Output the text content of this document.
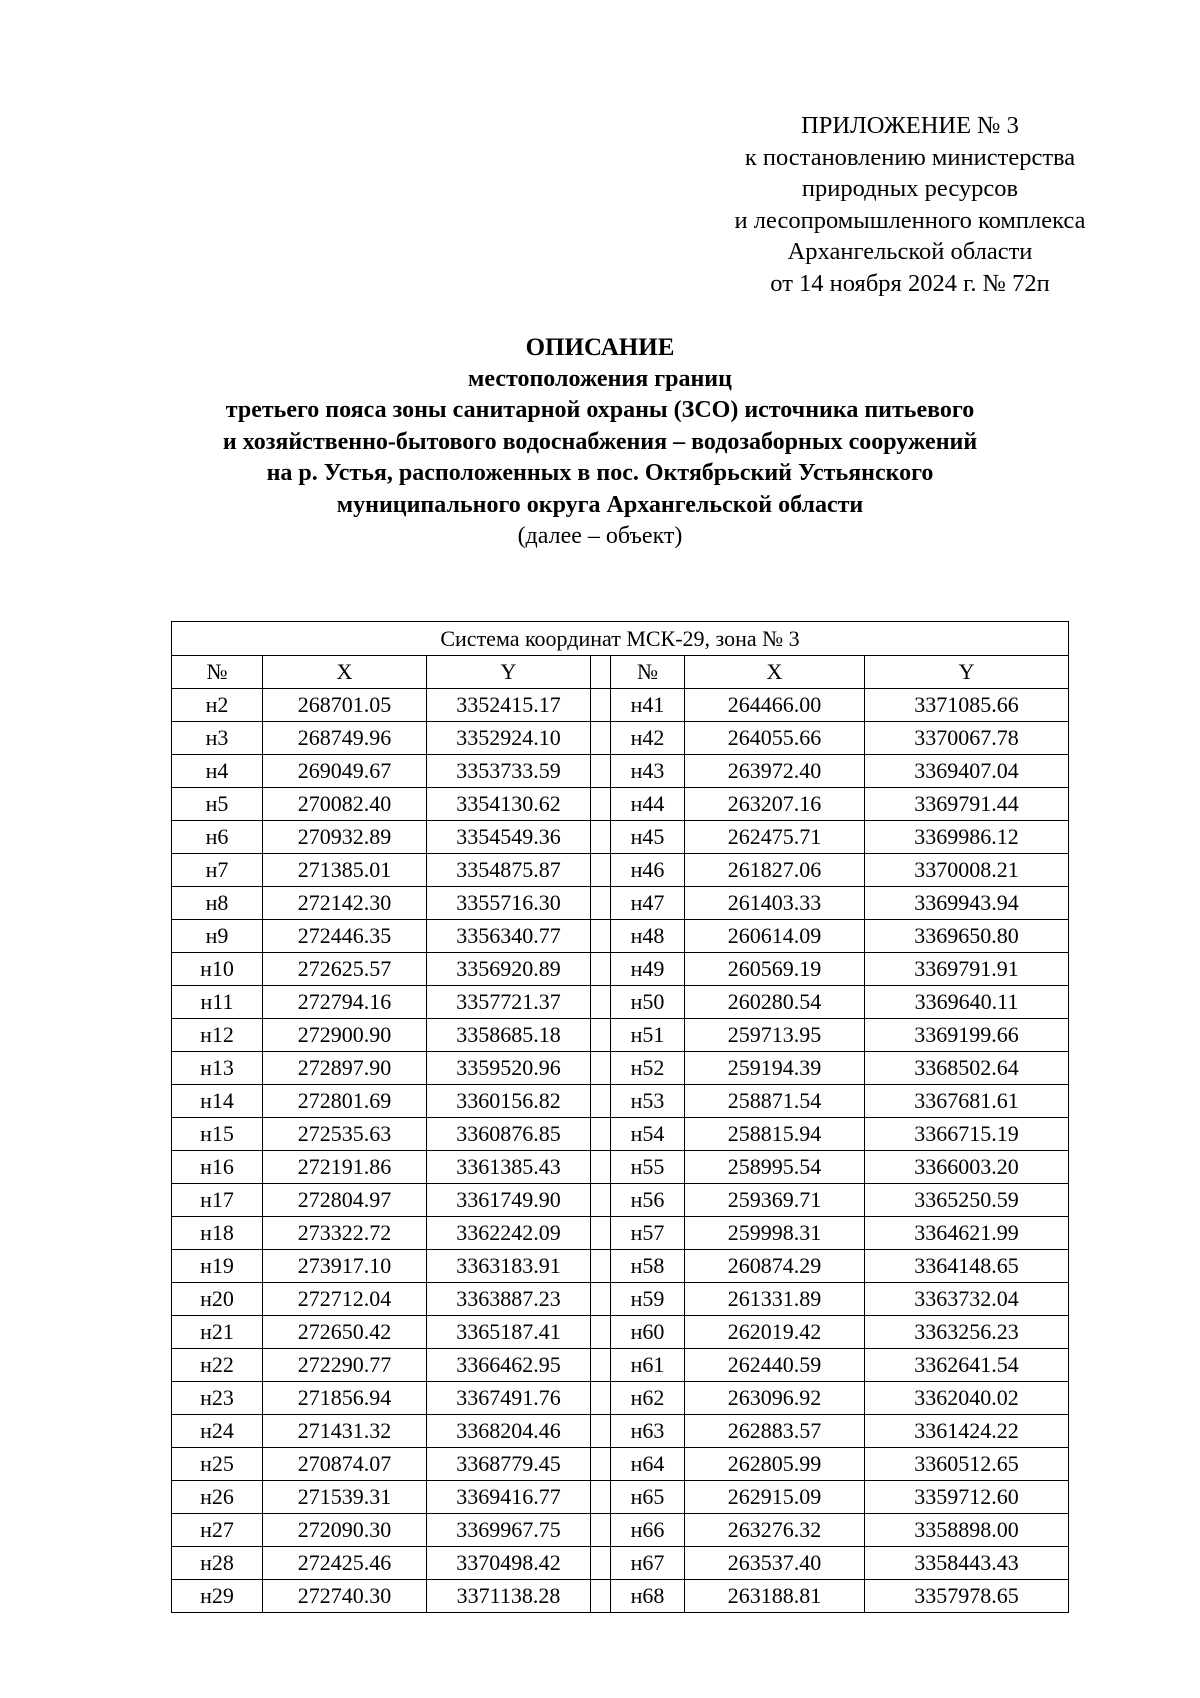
ПРИЛОЖЕНИЕ № 3
к постановлению министерства
природных ресурсов
и лесопромышленного комплекса
Архангельской области
от 14 ноября 2024 г. № 72п
ОПИСАНИЕ
местоположения границ
третьего пояса зоны санитарной охраны (ЗСО) источника питьевого
и хозяйственно-бытового водоснабжения – водозаборных сооружений
на р. Устья, расположенных в пос. Октябрьский Устьянского
муниципального округа Архангельской области
(далее – объект)
Система координат МСК-29, зона № 3						
№	X	Y		№	X	Y
н2	268701.05	3352415.17		н41	264466.00	3371085.66
н3	268749.96	3352924.10		н42	264055.66	3370067.78
н4	269049.67	3353733.59		н43	263972.40	3369407.04
н5	270082.40	3354130.62		н44	263207.16	3369791.44
н6	270932.89	3354549.36		н45	262475.71	3369986.12
н7	271385.01	3354875.87		н46	261827.06	3370008.21
н8	272142.30	3355716.30		н47	261403.33	3369943.94
н9	272446.35	3356340.77		н48	260614.09	3369650.80
н10	272625.57	3356920.89		н49	260569.19	3369791.91
н11	272794.16	3357721.37		н50	260280.54	3369640.11
н12	272900.90	3358685.18		н51	259713.95	3369199.66
н13	272897.90	3359520.96		н52	259194.39	3368502.64
н14	272801.69	3360156.82		н53	258871.54	3367681.61
н15	272535.63	3360876.85		н54	258815.94	3366715.19
н16	272191.86	3361385.43		н55	258995.54	3366003.20
н17	272804.97	3361749.90		н56	259369.71	3365250.59
н18	273322.72	3362242.09		н57	259998.31	3364621.99
н19	273917.10	3363183.91		н58	260874.29	3364148.65
н20	272712.04	3363887.23		н59	261331.89	3363732.04
н21	272650.42	3365187.41		н60	262019.42	3363256.23
н22	272290.77	3366462.95		н61	262440.59	3362641.54
н23	271856.94	3367491.76		н62	263096.92	3362040.02
н24	271431.32	3368204.46		н63	262883.57	3361424.22
н25	270874.07	3368779.45		н64	262805.99	3360512.65
н26	271539.31	3369416.77		н65	262915.09	3359712.60
н27	272090.30	3369967.75		н66	263276.32	3358898.00
н28	272425.46	3370498.42		н67	263537.40	3358443.43
н29	272740.30	3371138.28		н68	263188.81	3357978.65
